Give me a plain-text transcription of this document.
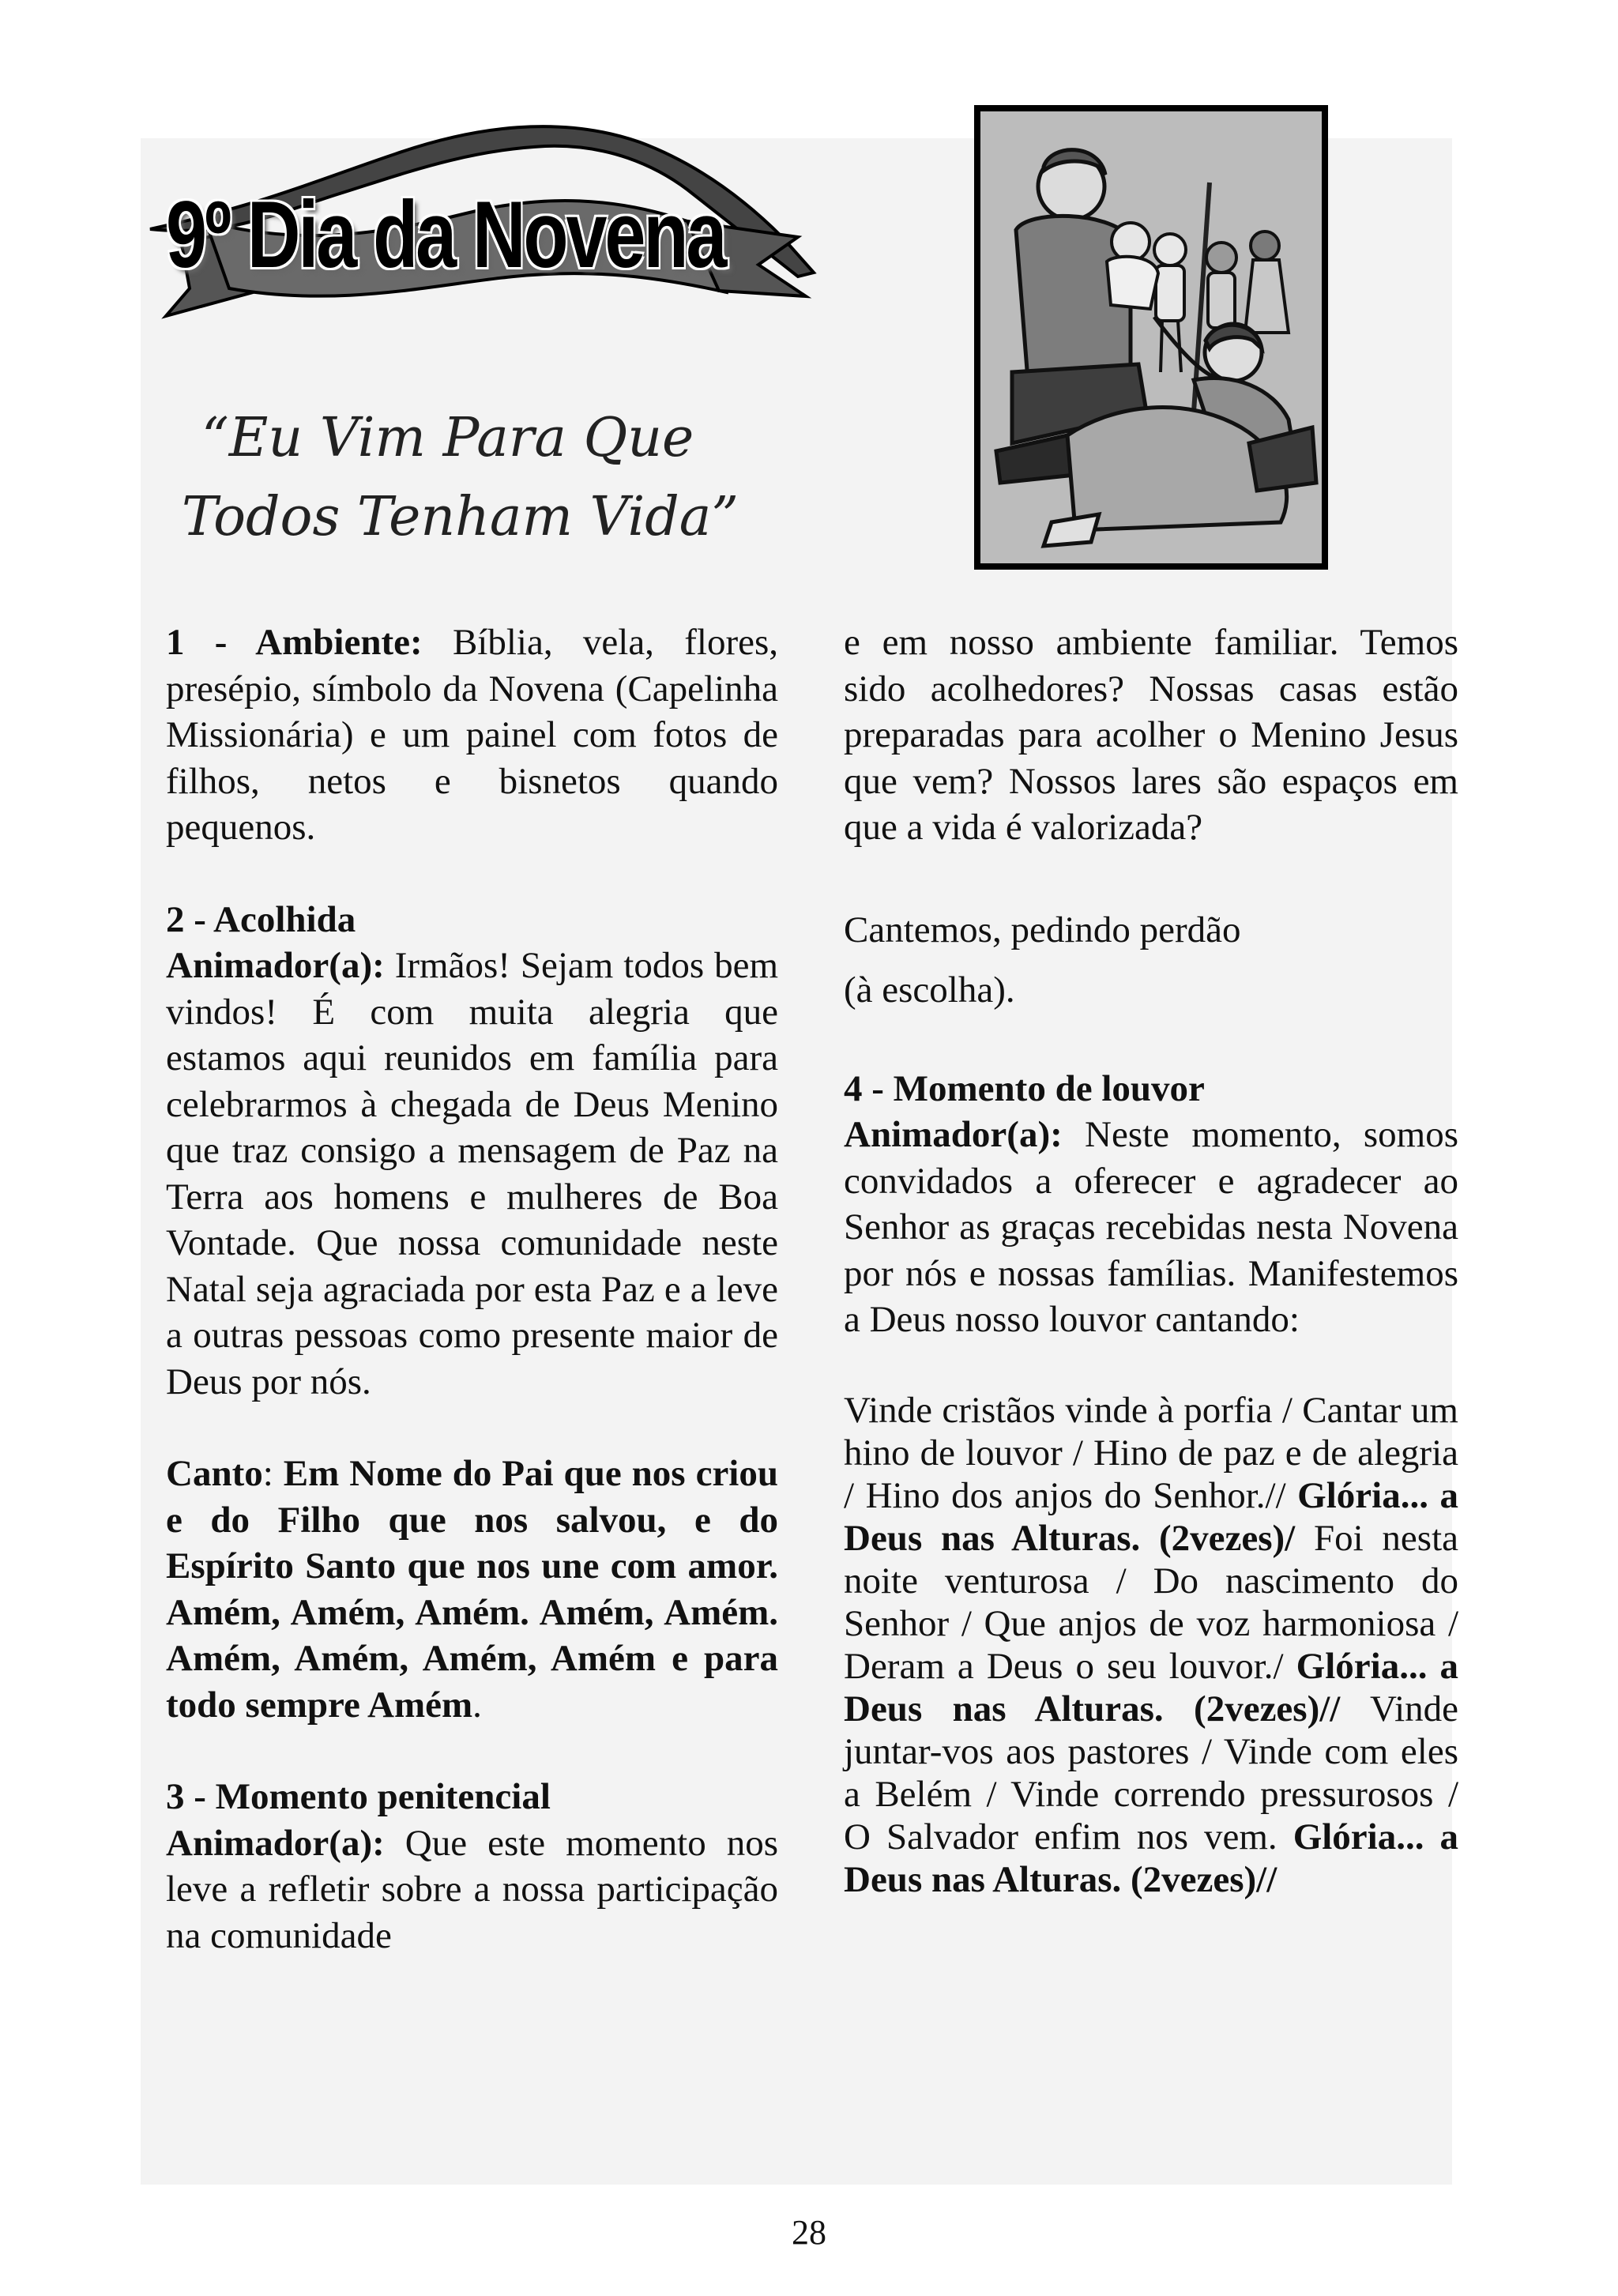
9º Dia da Novena
“Eu Vim Para Que
Todos Tenham Vida”

1 - Ambiente: Bíblia, vela, flores, presépio, símbolo da Novena (Capelinha Missionária) e um painel com fotos de filhos, netos e bisnetos quando pequenos.

2 - Acolhida

Animador(a): Irmãos! Sejam todos bem vindos! É com muita alegria que estamos aqui reunidos em família para celebrarmos à chegada de Deus Menino que traz consigo a mensagem de Paz na Terra aos homens e mulheres de Boa Vontade. Que nossa comunidade neste Natal seja agraciada por esta Paz e a leve a outras pessoas como presente maior de Deus por nós.

Canto: Em Nome do Pai que nos criou e do Filho que nos salvou, e do Espírito Santo que nos une com amor. Amém, Amém, Amém. Amém, Amém. Amém, Amém, Amém, Amém e para todo sempre Amém.

3 - Momento penitencial

Animador(a): Que este momento nos leve a refletir sobre a nossa participação na comunidade

e em nosso ambiente familiar. Temos sido acolhedores? Nossas casas estão preparadas para acolher o Menino Jesus que vem? Nossos lares são espaços em que a vida é valorizada?

Cantemos, pedindo perdão

(à escolha).

4 - Momento de louvor

Animador(a): Neste momento, somos convidados a oferecer e agradecer ao Senhor as graças recebidas nesta Novena por nós e nossas famílias. Manifestemos a Deus nosso louvor cantando:

Vinde cristãos vinde à porfia / Cantar um hino de louvor / Hino de paz e de alegria / Hino dos anjos do Senhor.// Glória... a Deus nas Alturas. (2vezes)/ Foi nesta noite venturosa / Do nascimento do Senhor / Que anjos de voz harmoniosa / Deram a Deus o seu louvor./ Glória... a Deus nas Alturas. (2vezes)// Vinde juntar-vos aos pastores / Vinde com eles a Belém / Vinde correndo pressurosos / O Salvador enfim nos vem. Glória... a Deus nas Alturas. (2vezes)//

28
